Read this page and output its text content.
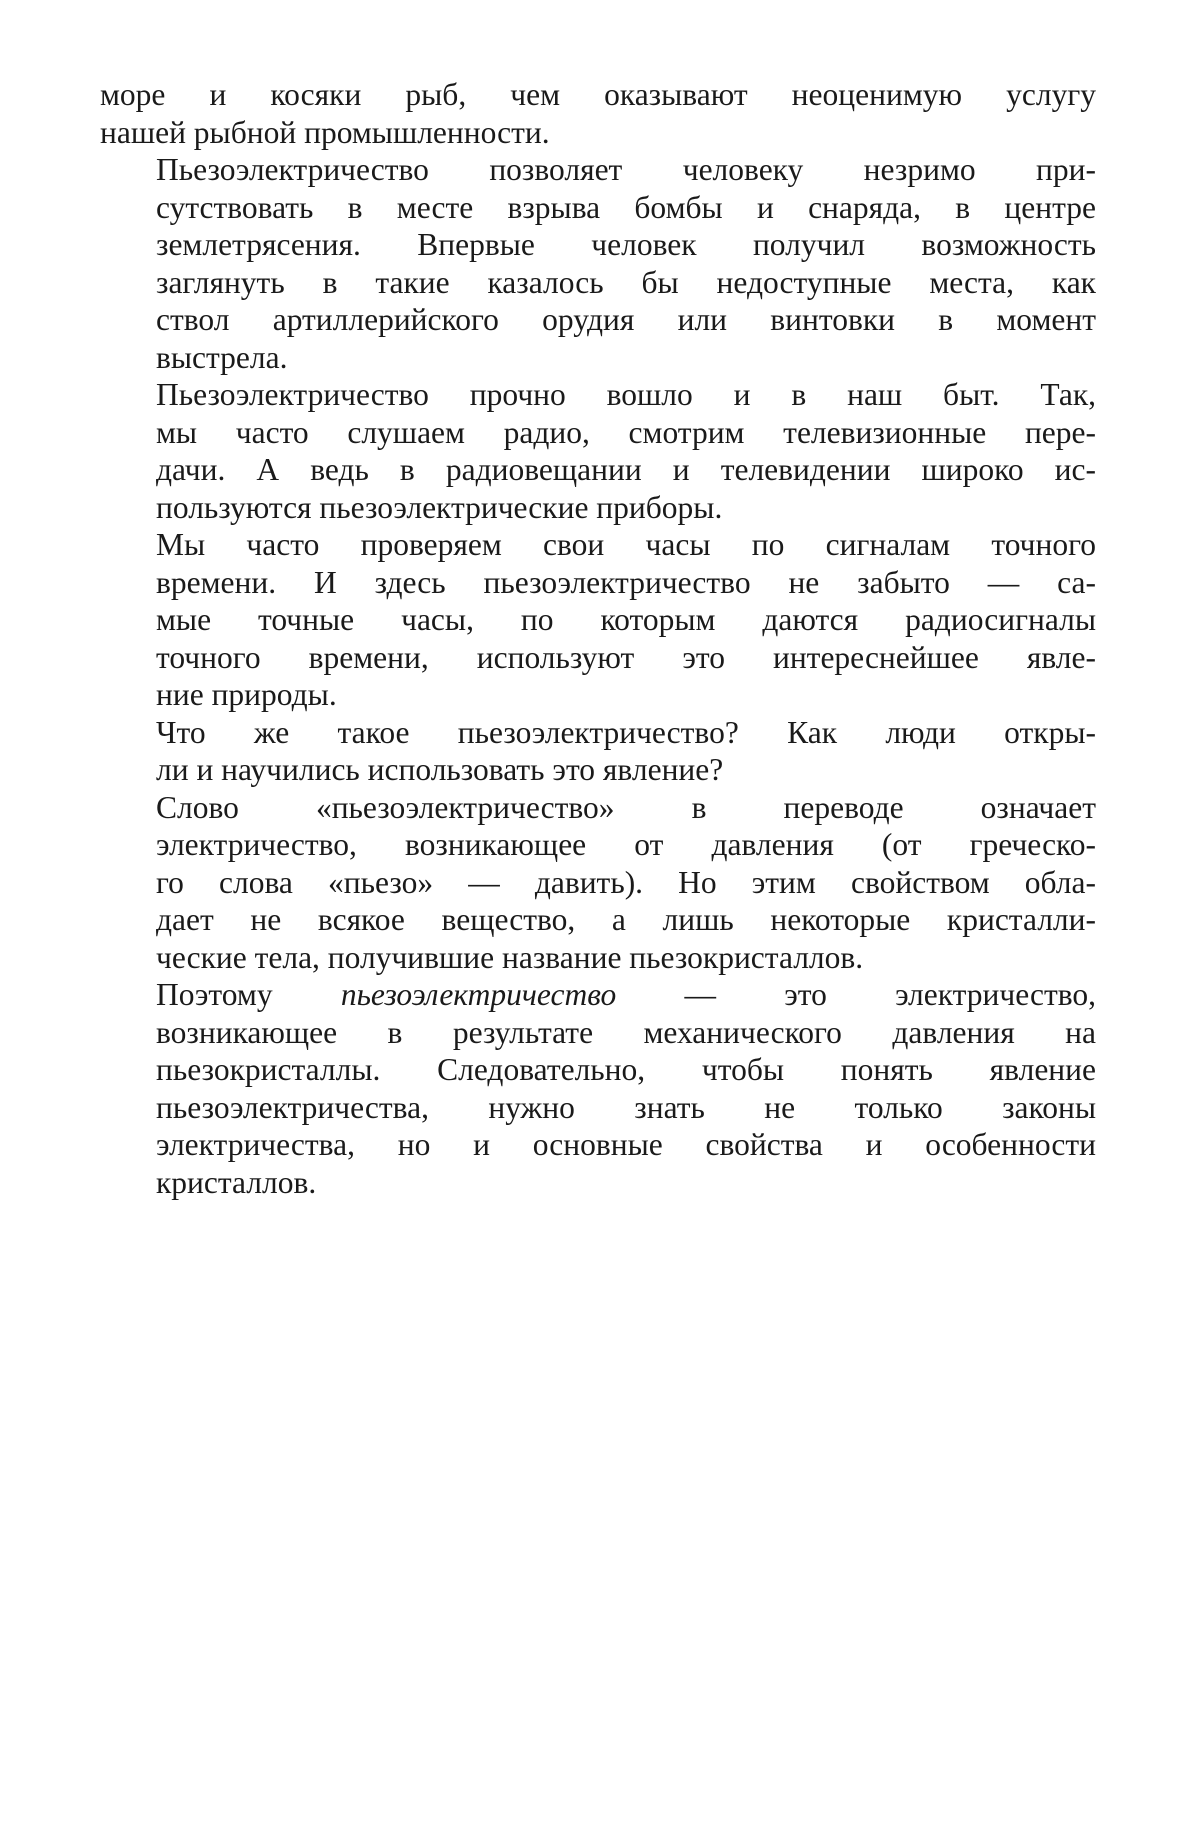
море и косяки рыб, чем оказывают неоценимую услугу
нашей рыбной промышленности.

Пьезоэлектричество позволяет человеку незримо при-
сутствовать в месте взрыва бомбы и снаряда, в центре
землетрясения. Впервые человек получил возможность
заглянуть в такие казалось бы недоступные места, как
ствол артиллерийского орудия или винтовки в момент
выстрела.

Пьезоэлектричество прочно вошло и в наш быт. Так,
мы часто слушаем радио, смотрим телевизионные пере-
дачи. А ведь в радиовещании и телевидении широко ис-
пользуются пьезоэлектрические приборы.

Мы часто проверяем свои часы по сигналам точного
времени. И здесь пьезоэлектричество не забыто — са-
мые точные часы, по которым даются радиосигналы
точного времени, используют это интереснейшее явле-
ние природы.

Что же такое пьезоэлектричество? Как люди откры-
ли и научились использовать это явление?

Слово «пьезоэлектричество» в переводе означает
электричество, возникающее от давления (от греческо-
го слова «пьезо» — давить). Но этим свойством обла-
дает не всякое вещество, а лишь некоторые кристалли-
ческие тела, получившие название пьезокристаллов.

Поэтому пьезоэлектричество — это электричество,
возникающее в результате механического давления на
пьезокристаллы. Следовательно, чтобы понять явление
пьезоэлектричества, нужно знать не только законы
электричества, но и основные свойства и особенности
кристаллов.
